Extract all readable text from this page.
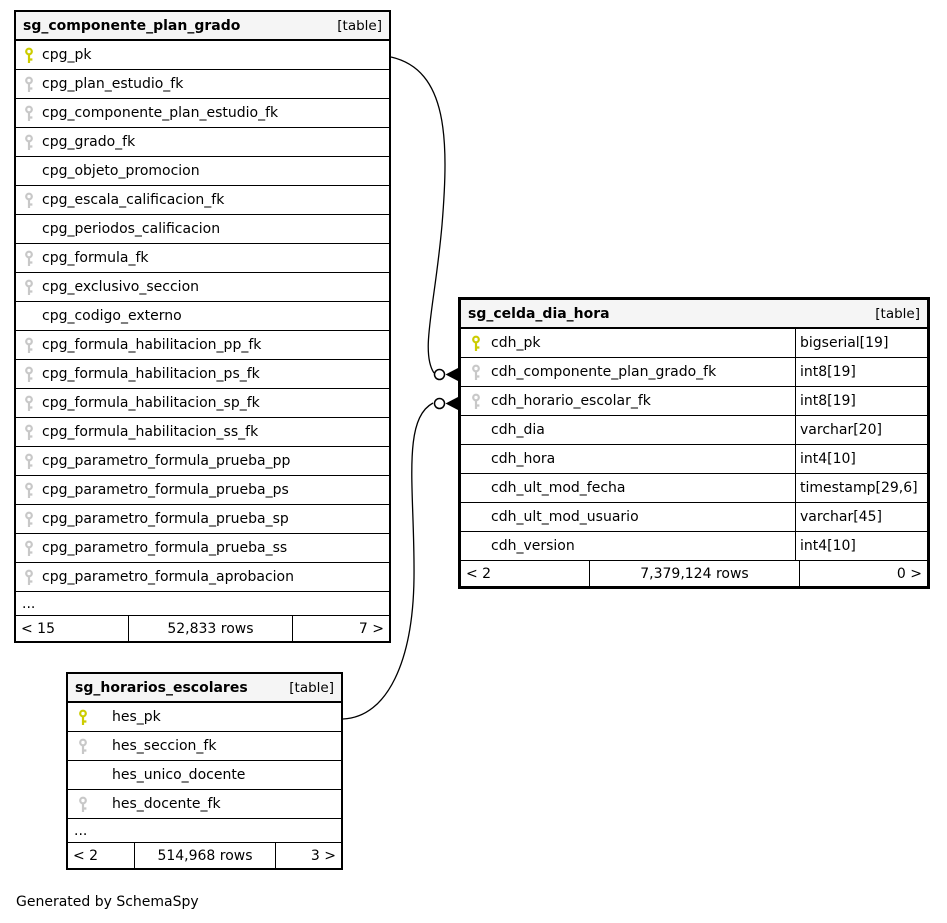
sg_componente_plan_grado	[table]
cpg_pk
cpg_plan_estudio_fk
cpg_componente_plan_estudio_fk
cpg_grado_fk
cpg_objeto_promocion
cpg_escala_calificacion_fk
cpg_periodos_calificacion
cpg_formula_fk
cpg_exclusivo_seccion
cpg_codigo_externo
cpg_formula_habilitacion_pp_fk
cpg_formula_habilitacion_ps_fk
cpg_formula_habilitacion_sp_fk
cpg_formula_habilitacion_ss_fk
cpg_parametro_formula_prueba_pp
cpg_parametro_formula_prueba_ps
cpg_parametro_formula_prueba_sp
cpg_parametro_formula_prueba_ss
cpg_parametro_formula_aprobacion
...
< 15	52,833 rows	7 >
sg_celda_dia_hora	[table]
cdh_pk	bigserial[19]
cdh_componente_plan_grado_fk	int8[19]
cdh_horario_escolar_fk	int8[19]
cdh_dia	varchar[20]
cdh_hora	int4[10]
cdh_ult_mod_fecha	timestamp[29,6]
cdh_ult_mod_usuario	varchar[45]
cdh_version	int4[10]
< 2	7,379,124 rows	0 >
sg_horarios_escolares	[table]
hes_pk
hes_seccion_fk
hes_unico_docente
hes_docente_fk
...
< 2	514,968 rows	3 >
Generated by SchemaSpy
